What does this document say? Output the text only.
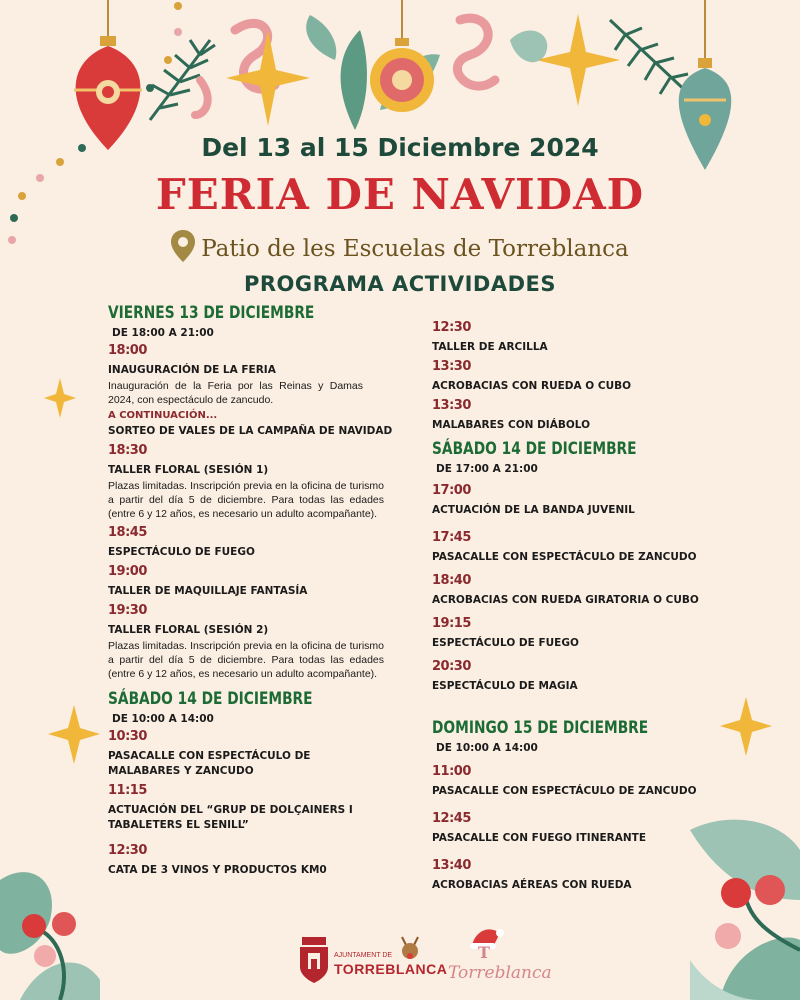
Del 13 al 15 Diciembre 2024
FERIA DE NAVIDAD
Patio de les Escuelas de Torreblanca
PROGRAMA ACTIVIDADES
VIERNES 13 DE DICIEMBRE
DE 18:00 A 21:00
18:00
INAUGURACIÓN DE LA FERIA
Inauguración de la Feria por las Reinas y Damas 2024, con espectáculo de zancudo.
A CONTINUACIÓN...
SORTEO DE VALES DE LA CAMPAÑA DE NAVIDAD
18:30
TALLER FLORAL (SESIÓN 1)
Plazas limitadas. Inscripción previa en la oficina de turismo a partir del día 5 de diciembre. Para todas las edades (entre 6 y 12 años, es necesario un adulto acompañante).
18:45
ESPECTÁCULO DE FUEGO
19:00
TALLER DE MAQUILLAJE FANTASÍA
19:30
TALLER FLORAL (SESIÓN 2)
Plazas limitadas. Inscripción previa en la oficina de turismo a partir del día 5 de diciembre. Para todas las edades (entre 6 y 12 años, es necesario un adulto acompañante).
SÁBADO 14 DE DICIEMBRE
DE 10:00 A 14:00
10:30
PASACALLE CON ESPECTÁCULO DE MALABARES Y ZANCUDO
11:15
ACTUACIÓN DEL “GRUP DE DOLÇAINERS I TABALETERS EL SENILL”
12:30
CATA DE 3 VINOS Y PRODUCTOS KM0
12:30
TALLER DE ARCILLA
13:30
ACROBACIAS CON RUEDA O CUBO
13:30
MALABARES CON DIÁBOLO
SÁBADO 14 DE DICIEMBRE
DE 17:00 A 21:00
17:00
ACTUACIÓN DE LA BANDA JUVENIL
17:45
PASACALLE CON ESPECTÁCULO DE ZANCUDO
18:40
ACROBACIAS CON RUEDA GIRATORIA O CUBO
19:15
ESPECTÁCULO DE FUEGO
20:30
ESPECTÁCULO DE MAGIA
DOMINGO 15 DE DICIEMBRE
DE 10:00 A 14:00
11:00
PASACALLE CON ESPECTÁCULO DE ZANCUDO
12:45
PASACALLE CON FUEGO ITINERANTE
13:40
ACROBACIAS AÉREAS CON RUEDA
AJUNTAMENT DE
TORREBLANCA
T
Torreblanca
